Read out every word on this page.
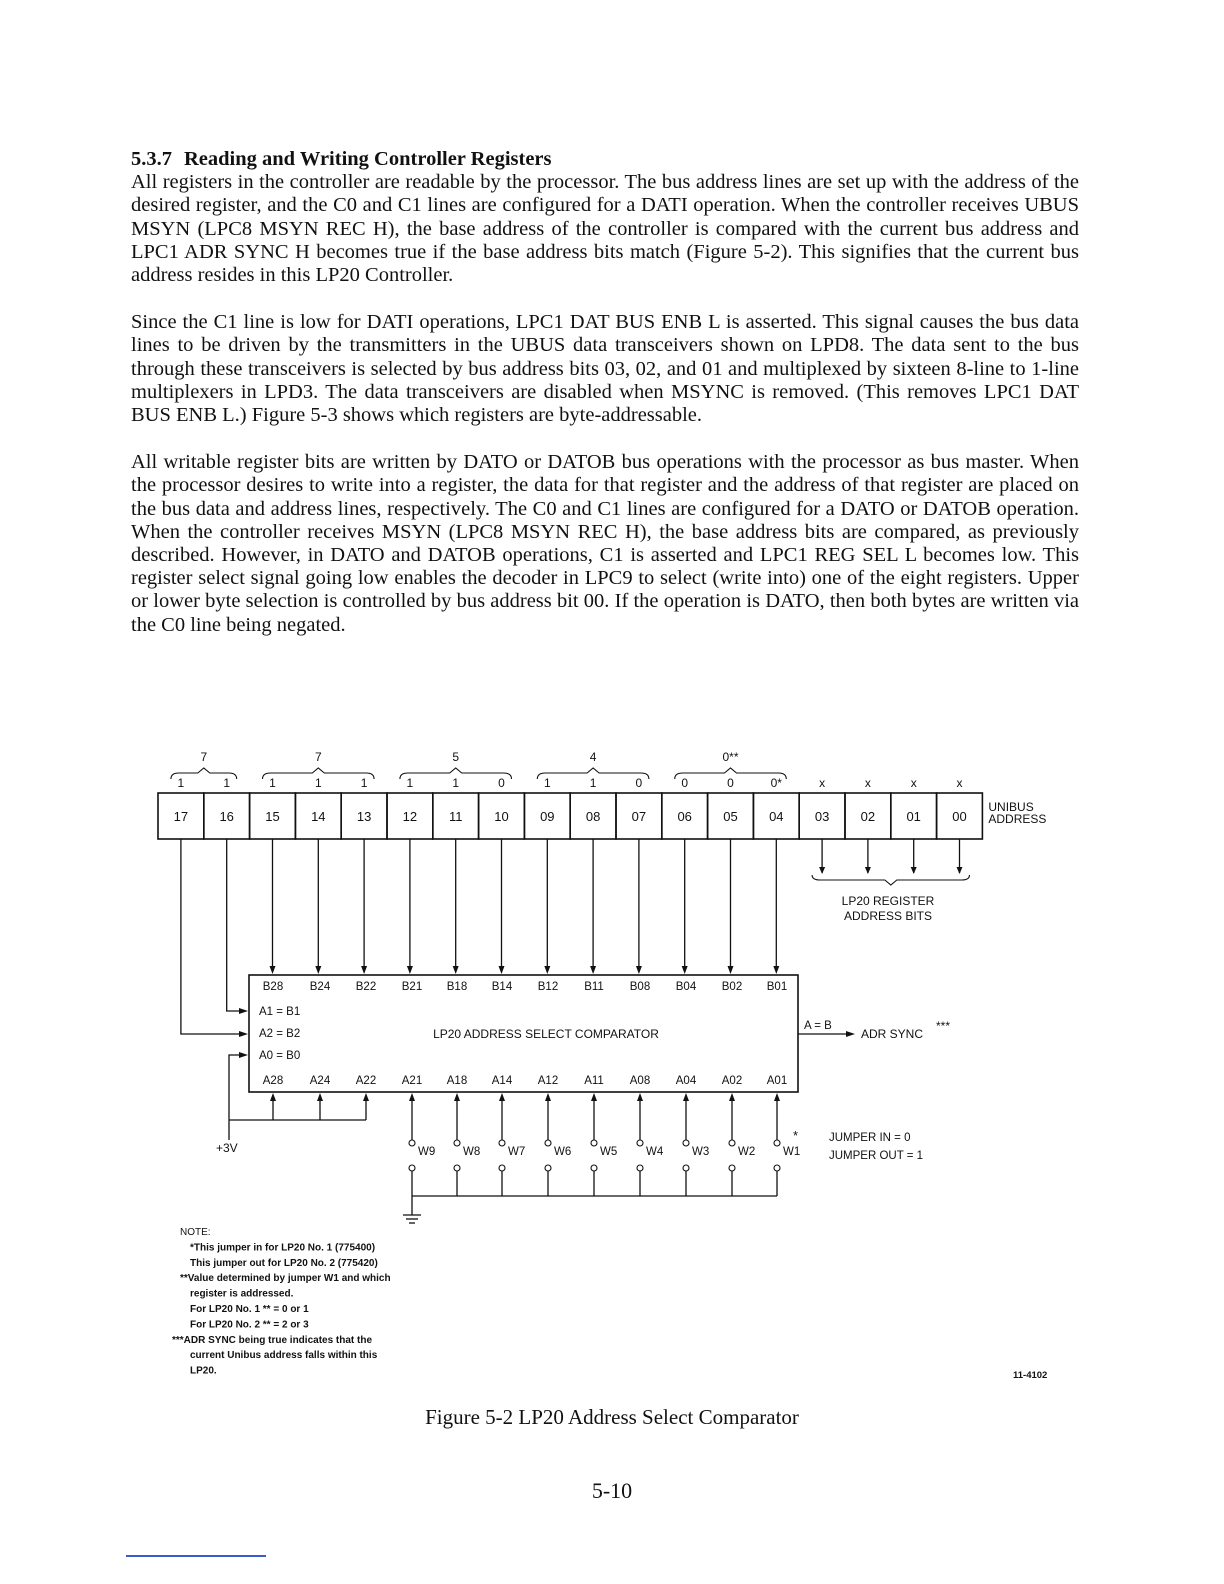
5.3.7 Reading and Writing Controller Registers

All registers in the controller are readable by the processor. The bus address lines are set up with the address of the desired register, and the C0 and C1 lines are configured for a DATI operation. When the controller receives UBUS MSYN (LPC8 MSYN REC H), the base address of the controller is compared with the current bus address and LPC1 ADR SYNC H becomes true if the base address bits match (Figure 5-2). This signifies that the current bus address resides in this LP20 Controller.

Since the C1 line is low for DATI operations, LPC1 DAT BUS ENB L is asserted. This signal causes the bus data lines to be driven by the transmitters in the UBUS data transceivers shown on LPD8. The data sent to the bus through these transceivers is selected by bus address bits 03, 02, and 01 and multiplexed by sixteen 8-line to 1-line multiplexers in LPD3. The data transceivers are disabled when MSYNC is removed. (This removes LPC1 DAT BUS ENB L.) Figure 5-3 shows which registers are byte-addressable.

All writable register bits are written by DATO or DATOB bus operations with the processor as bus master. When the processor desires to write into a register, the data for that register and the address of that register are placed on the bus data and address lines, respectively. The C0 and C1 lines are configured for a DATO or DATOB operation. When the controller receives MSYN (LPC8 MSYN REC H), the base address bits are compared, as previously described. However, in DATO and DATOB operations, C1 is asserted and LPC1 REG SEL L becomes low. This register select signal going low enables the decoder in LPC9 to select (write into) one of the eight registers. Upper or lower byte selection is controlled by bus address bit 00. If the operation is DATO, then both bytes are written via the C0 line being negated.

7	7	5	4	0**
1	1	1	1	1	1	1	0	1	1	0	0	0	0*	x	x	x	x
17 16 15 14 13 12 11 10 09 08 07 06 05 04 03 02 01 00
UNIBUS
ADDRESS
LP20 REGISTER
ADDRESS BITS
LP20 ADDRESS SELECT COMPARATOR
B28 B24 B22 B21 B18 B14 B12 B11 B08 B04 B02 B01
A28 A24 A22 A21 A18 A14 A12 A11 A08 A04 A02 A01
A1 = B1
A2 = B2
A0 = B0
A = B
ADR SYNC
***
+3V	W9 W8 W7	W6	W5	W4	W3	W2 W1
*	JUMPER IN = 0
JUMPER OUT = 1
NOTE:
*This jumper in for LP20 No. 1 (775400)
This jumper out for LP20 No. 2 (775420)
**Value determined by jumper W1 and which
register is addressed.
For LP20 No. 1 ** = 0 or 1
For LP20 No. 2 ** = 2 or 3
***ADR SYNC being true indicates that the
current Unibus address falls within this
LP20.	11-4102
Figure 5-2 LP20 Address Select Comparator
5-10
